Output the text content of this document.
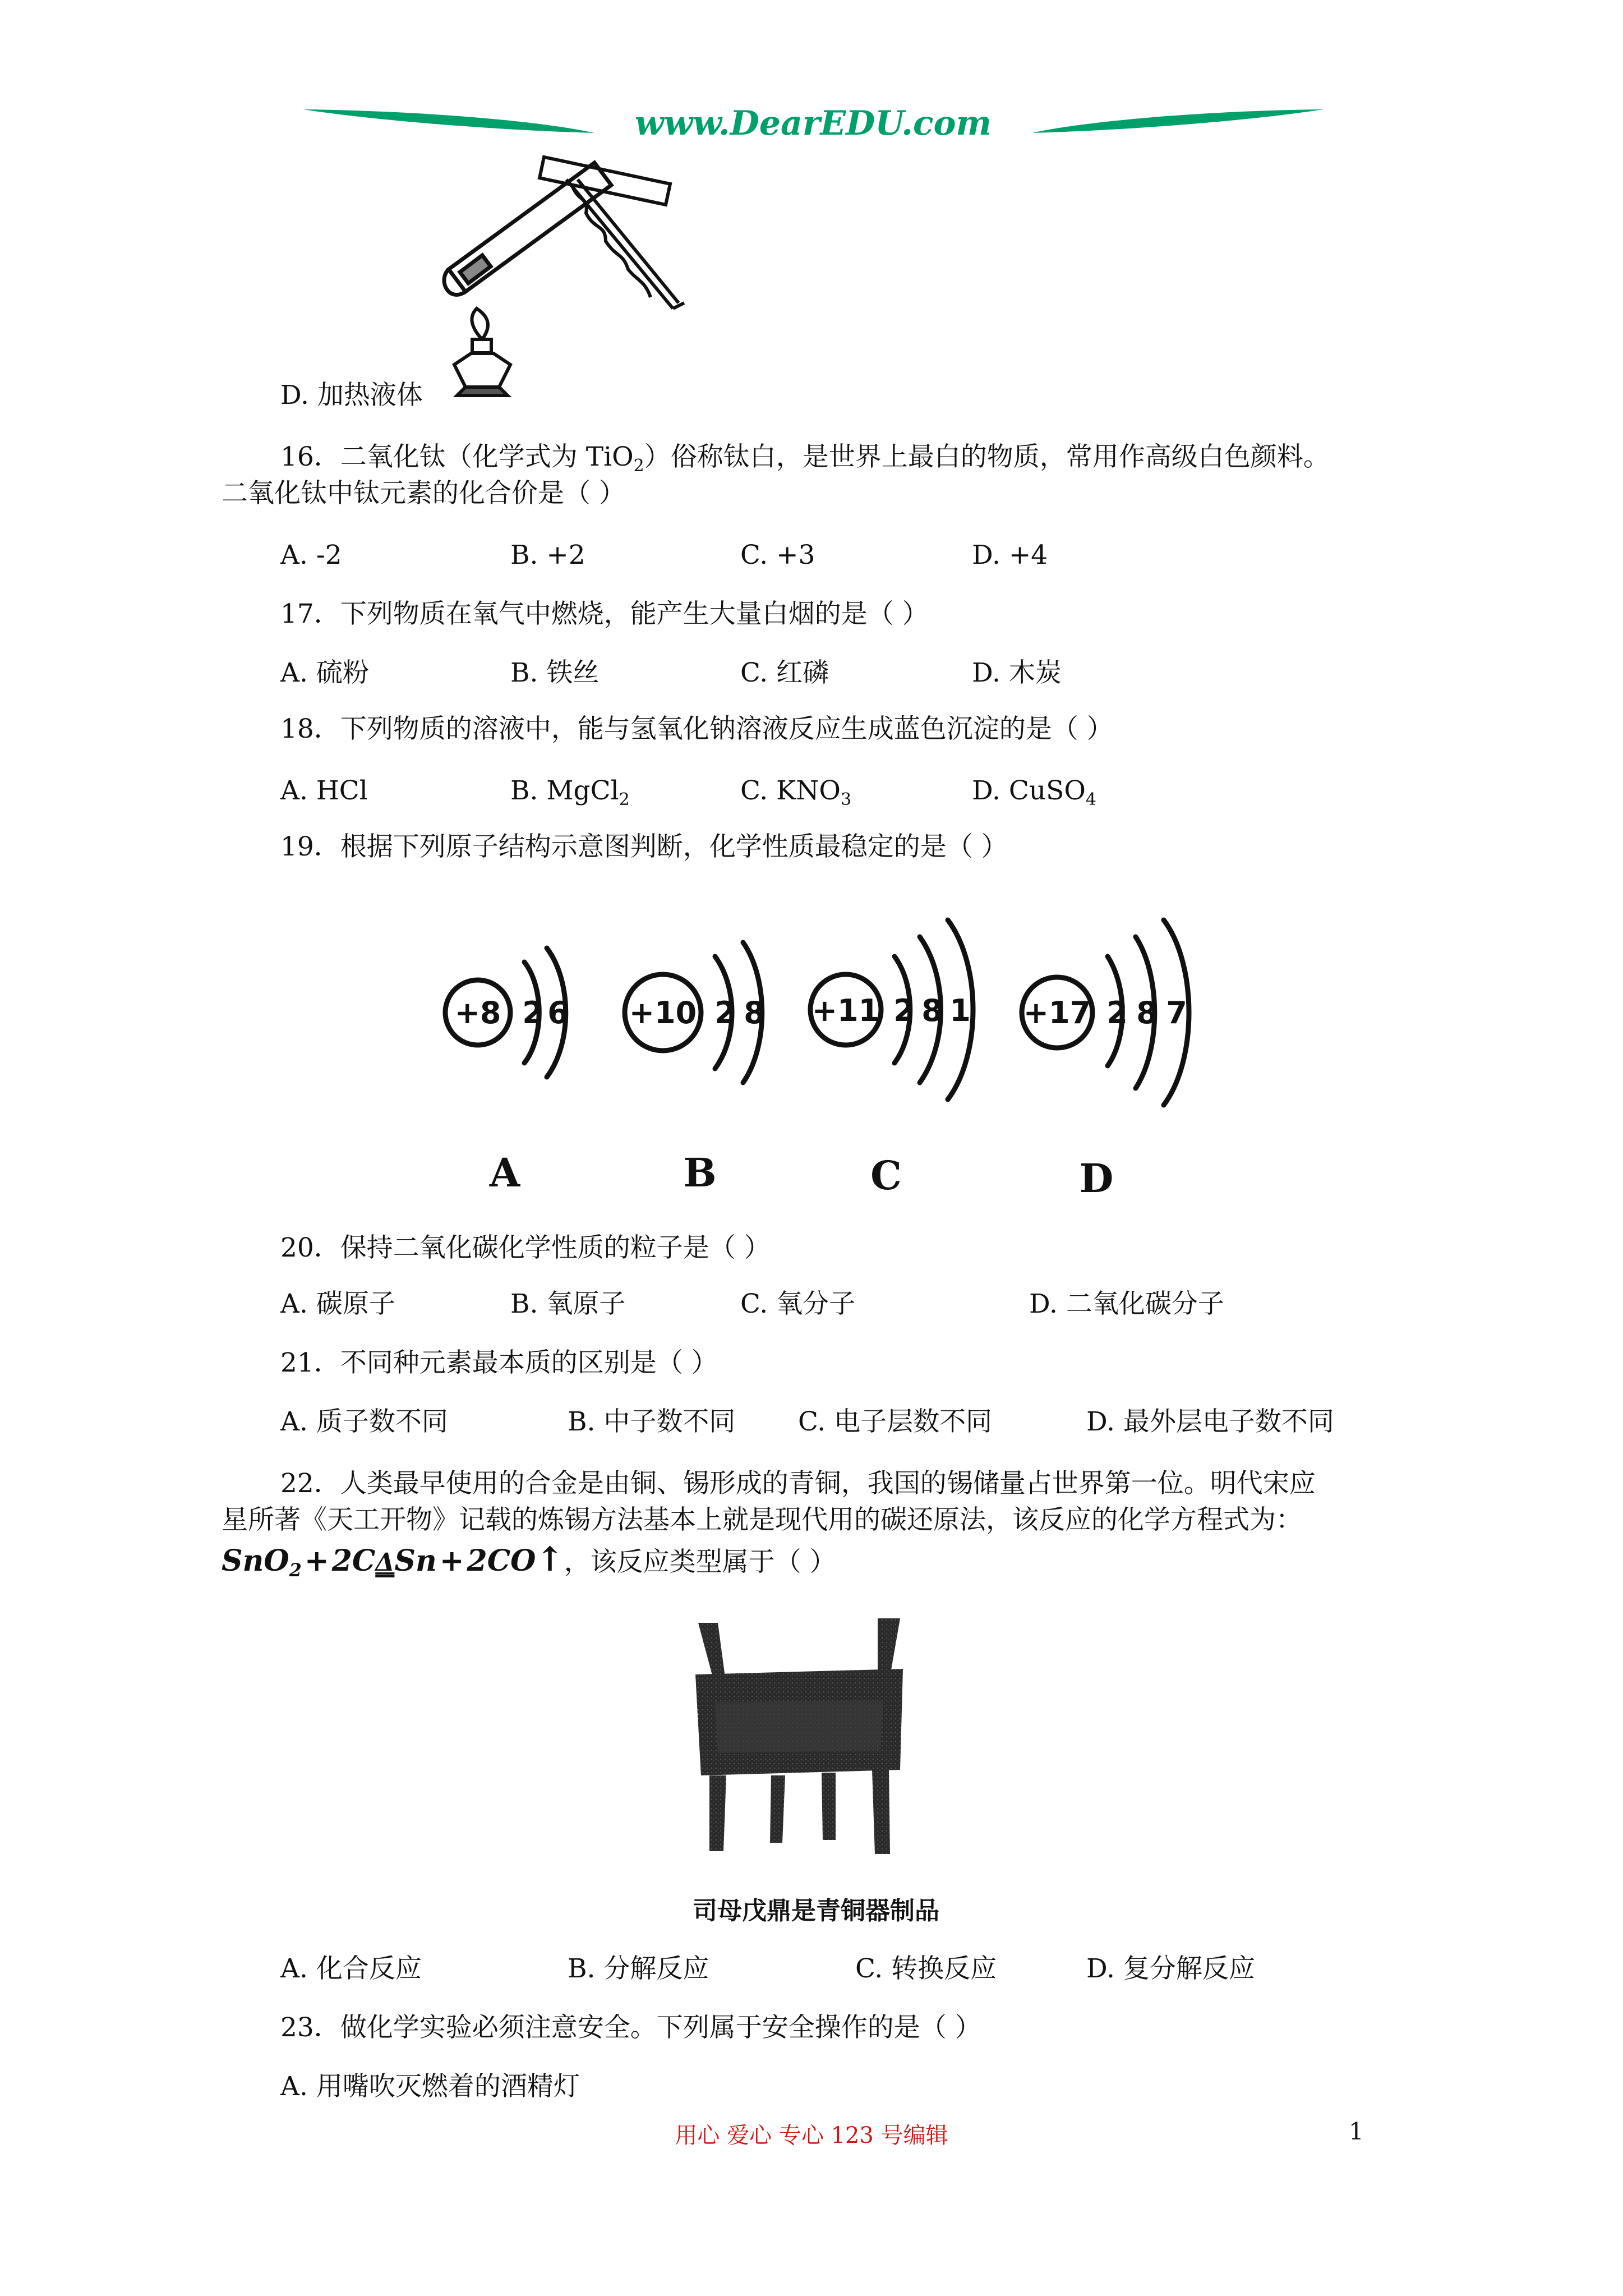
www.DearEDU.com
D. 加热液体
16．二氧化钛（化学式为 TiO$_2$）俗称钛白，是世界上最白的物质，常用作高级白色颜料。
二氧化钛中钛元素的化合价是（ ）
A. -2	B. +2	C. +3	D. +4
17．下列物质在氧气中燃烧，能产生大量白烟的是（ ）
A. 硫粉	B. 铁丝	C. 红磷	D. 木炭
18．下列物质的溶液中，能与氢氧化钠溶液反应生成蓝色沉淀的是（ ）
A. HCl	B. MgCl$_2$	C. $KNO_3$	D. CuSO$_4$
19．根据下列原子结构示意图判断，化学性质最稳定的是（ ）
+8 2 6 +10 2 8 +11 2 8 1 +17 2 8 7
A	B	C	D
20．保持二氧化碳化学性质的粒子是（ ）
A. 碳原子	B. 氧原子	C. 氧分子	D. 二氧化碳分子
21．不同种元素最本质的区别是（ ）
A. 质子数不同	B. 中子数不同 C. 电子层数不同	D. 最外层电子数不同
22．人类最早使用的合金是由铜、锡形成的青铜，我国的锡储量占世界第一位。明代宋应
星所著《天工开物》记载的炼锡方法基本上就是现代用的碳还原法，该反应的化学方程式为：
SnO$_2$ + 2CΔSn + 2CO↑，该反应类型属于（ ）
司母戊鼎是青铜器制品
A. 化合反应	B. 分解反应	C. 转换反应	D. 复分解反应
23．做化学实验必须注意安全。下列属于安全操作的是（ ）
A. 用嘴吹灭燃着的酒精灯
用心 爱心 专心 123 号编辑	1
